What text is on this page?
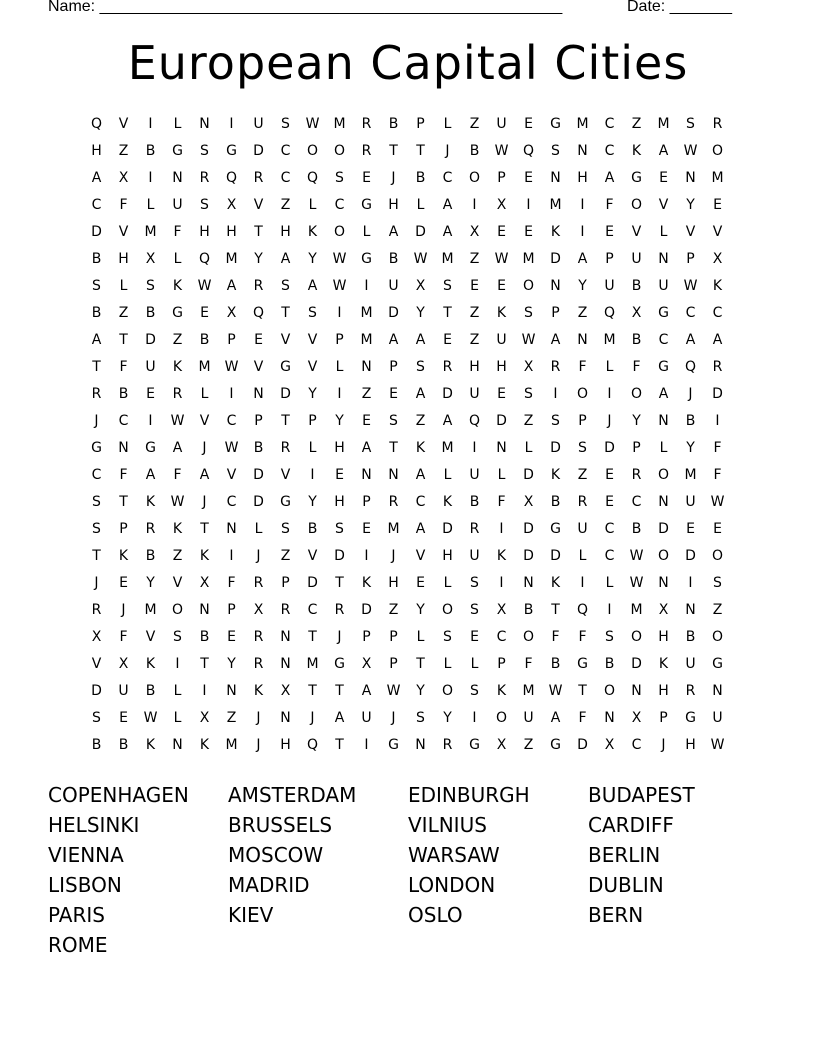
Name: ____________________________________________________	Date: _______
European Capital Cities
Q	V	I	L	N	I	U	S	W	M	R	B	P	L	Z	U	E	G	M	C	Z	M	S	R
H	Z	B	G	S	G	D	C	O	O	R	T	T	J	B	W	Q	S	N	C	K	A	W	O
A	X	I	N	R	Q	R	C	Q	S	E	J	B	C	O	P	E	N	H	A	G	E	N	M
C	F	L	U	S	X	V	Z	L	C	G	H	L	A	I	X	I	M	I	F	O	V	Y	E
D	V	M	F	H	H	T	H	K	O	L	A	D	A	X	E	E	K	I	E	V	L	V	V
B	H	X	L	Q	M	Y	A	Y	W	G	B	W	M	Z	W	M	D	A	P	U	N	P	X
S	L	S	K	W	A	R	S	A	W	I	U	X	S	E	E	O	N	Y	U	B	U	W	K
B	Z	B	G	E	X	Q	T	S	I	M	D	Y	T	Z	K	S	P	Z	Q	X	G	C	C
A	T	D	Z	B	P	E	V	V	P	M	A	A	E	Z	U	W	A	N	M	B	C	A	A
T	F	U	K	M	W	V	G	V	L	N	P	S	R	H	H	X	R	F	L	F	G	Q	R
R	B	E	R	L	I	N	D	Y	I	Z	E	A	D	U	E	S	I	O	I	O	A	J	D
J	C	I	W	V	C	P	T	P	Y	E	S	Z	A	Q	D	Z	S	P	J	Y	N	B	I
G	N	G	A	J	W	B	R	L	H	A	T	K	M	I	N	L	D	S	D	P	L	Y	F
C	F	A	F	A	V	D	V	I	E	N	N	A	L	U	L	D	K	Z	E	R	O	M	F
S	T	K	W	J	C	D	G	Y	H	P	R	C	K	B	F	X	B	R	E	C	N	U	W
S	P	R	K	T	N	L	S	B	S	E	M	A	D	R	I	D	G	U	C	B	D	E	E
T	K	B	Z	K	I	J	Z	V	D	I	J	V	H	U	K	D	D	L	C	W	O	D	O
J	E	Y	V	X	F	R	P	D	T	K	H	E	L	S	I	N	K	I	L	W	N	I	S
R	J	M	O	N	P	X	R	C	R	D	Z	Y	O	S	X	B	T	Q	I	M	X	N	Z
X	F	V	S	B	E	R	N	T	J	P	P	L	S	E	C	O	F	F	S	O	H	B	O
V	X	K	I	T	Y	R	N	M	G	X	P	T	L	L	P	F	B	G	B	D	K	U	G
D	U	B	L	I	N	K	X	T	T	A	W	Y	O	S	K	M	W	T	O	N	H	R	N
S	E	W	L	X	Z	J	N	J	A	U	J	S	Y	I	O	U	A	F	N	X	P	G	U
B	B	K	N	K	M	J	H	Q	T	I	G	N	R	G	X	Z	G	D	X	C	J	H	W
COPENHAGEN	AMSTERDAM	EDINBURGH	BUDAPEST
HELSINKI	BRUSSELS	VILNIUS	CARDIFF
VIENNA	MOSCOW	WARSAW	BERLIN
LISBON	MADRID	LONDON	DUBLIN
PARIS	KIEV	OSLO	BERN
ROME
